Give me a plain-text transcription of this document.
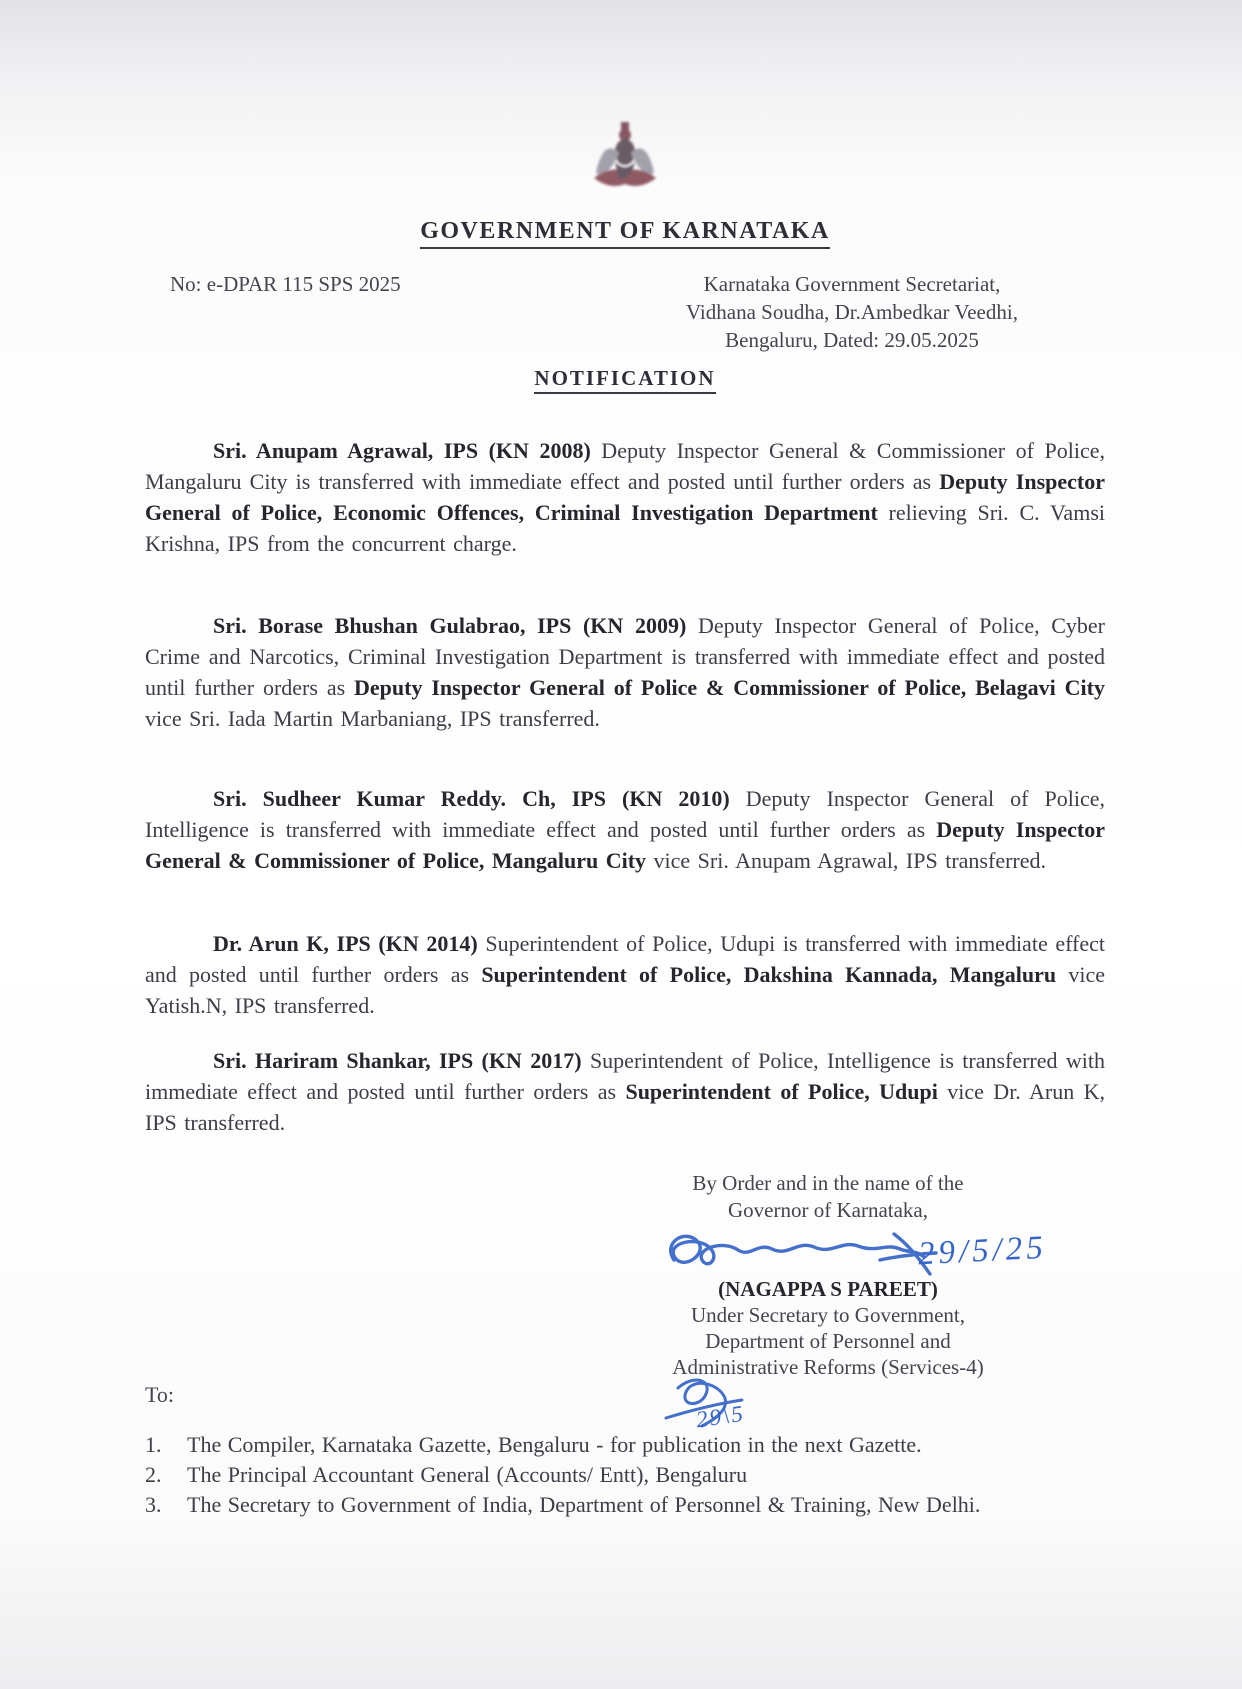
GOVERNMENT OF KARNATAKA
No: e-DPAR 115 SPS 2025	Karnataka Government Secretariat,
Vidhana Soudha, Dr.Ambedkar Veedhi,
Bengaluru, Dated: 29.05.2025
NOTIFICATION

Sri. Anupam Agrawal, IPS (KN 2008) Deputy Inspector General & Commissioner of Police, Mangaluru City is transferred with immediate effect and posted until further orders as Deputy Inspector General of Police, Economic Offences, Criminal Investigation Department relieving Sri. C. Vamsi Krishna, IPS from the concurrent charge.

Sri. Borase Bhushan Gulabrao, IPS (KN 2009) Deputy Inspector General of Police, Cyber Crime and Narcotics, Criminal Investigation Department is transferred with immediate effect and posted until further orders as Deputy Inspector General of Police & Commissioner of Police, Belagavi City vice Sri. Iada Martin Marbaniang, IPS transferred.

Sri. Sudheer Kumar Reddy. Ch, IPS (KN 2010) Deputy Inspector General of Police, Intelligence is transferred with immediate effect and posted until further orders as Deputy Inspector General & Commissioner of Police, Mangaluru City vice Sri. Anupam Agrawal, IPS transferred.

Dr. Arun K, IPS (KN 2014) Superintendent of Police, Udupi is transferred with immediate effect and posted until further orders as Superintendent of Police, Dakshina Kannada, Mangaluru vice Yatish.N, IPS transferred.

Sri. Hariram Shankar, IPS (KN 2017) Superintendent of Police, Intelligence is transferred with immediate effect and posted until further orders as Superintendent of Police, Udupi vice Dr. Arun K, IPS transferred.

By Order and in the name of the
Governor of Karnataka,
29/5/25
(NAGAPPA S PAREET)
Under Secretary to Government,
Department of Personnel and
Administrative Reforms (Services-4)
29\5
To:
1.	The Compiler, Karnataka Gazette, Bengaluru - for publication in the next Gazette.
2.	The Principal Accountant General (Accounts/ Entt), Bengaluru
3.	The Secretary to Government of India, Department of Personnel & Training, New Delhi.
